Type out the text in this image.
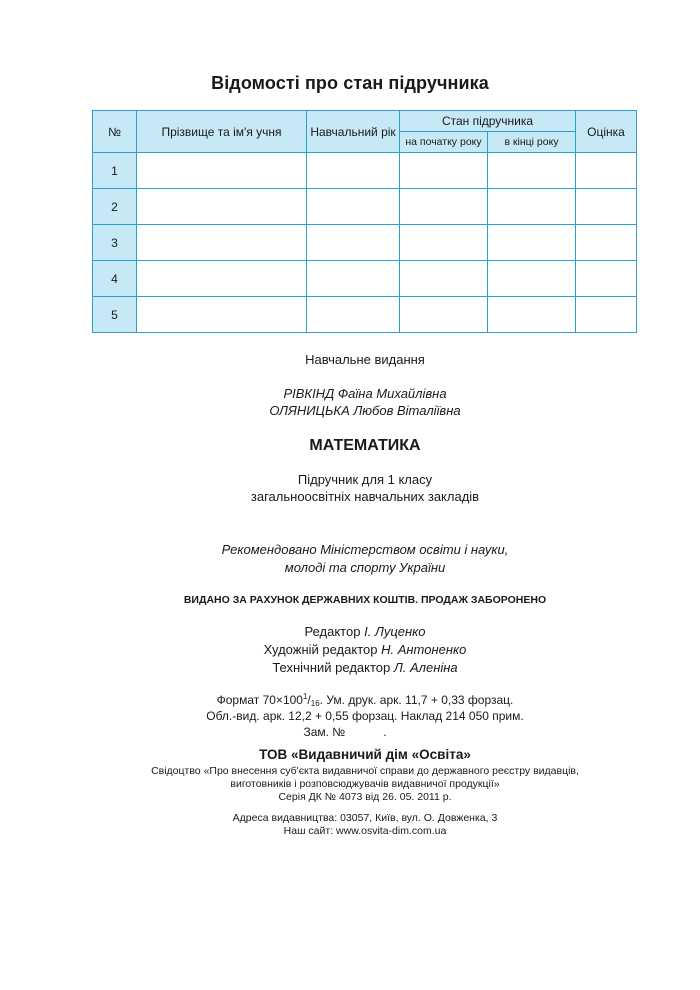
Відомості про стан підручника
№	Прізвище та ім'я учня	Навчальний рік	Стан підручника		Оцінка
			на початку року	в кінці року	
1					
2					
3					
4					
5					
Навчальне видання
РІВКІНД Фаїна Михайлівна
ОЛЯНИЦЬКА Любов Віталіївна
МАТЕМАТИКА
Підручник для 1 класу
загальноосвітніх навчальних закладів
Рекомендовано Міністерством освіти і науки,
молоді та спорту України
ВИДАНО ЗА РАХУНОК ДЕРЖАВНИХ КОШТІВ. ПРОДАЖ ЗАБОРОНЕНО
Редактор І. Луценко
Художній редактор Н. Антоненко
Технічний редактор Л. Аленіна
Формат $70\times 100^1/_{16}$. Ум. друк. арк. 11,7 + 0,33 форзац.
Обл.-вид. арк. 12,2 + 0,55 форзац. Наклад 214 050 прим.
Зам. №	.
ТОВ «Видавничий дім «Освіта»
Свідоцтво «Про внесення суб'єкта видавничої справи до державного реєстру видавців,
виготовників і розповсюджувачів видавничої продукції»
Серія ДК № 4073 від 26. 05. 2011 р.
Адреса видавництва: 03057, Київ, вул. О. Довженка, 3
Наш сайт: www.osvita-dim.com.ua
